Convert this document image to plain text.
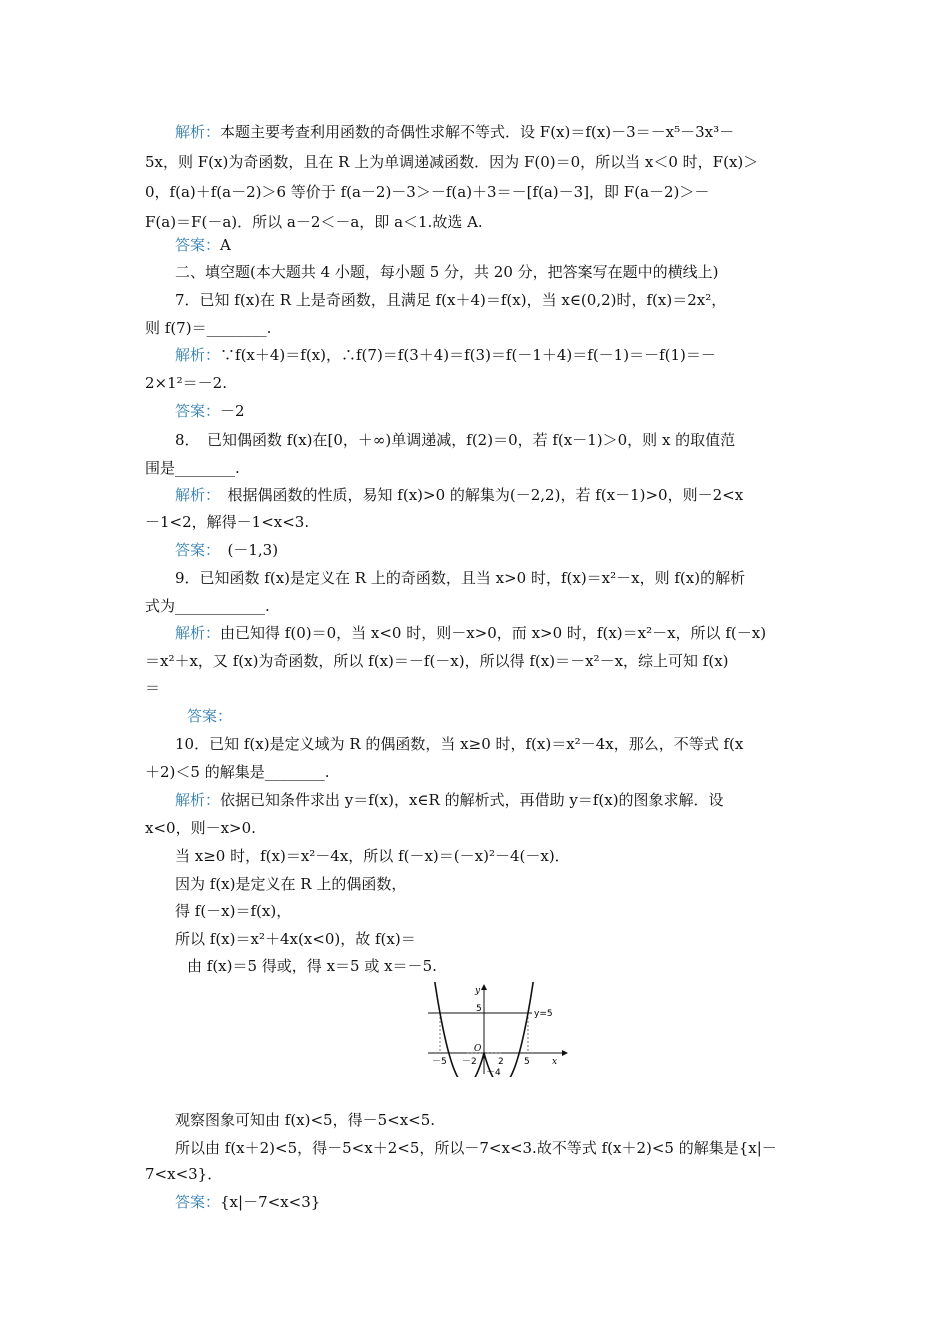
解析：本题主要考查利用函数的奇偶性求解不等式．设 F(x)＝f(x)－3＝－x⁵－3x³－
5x，则 F(x)为奇函数，且在 R 上为单调递减函数．因为 F(0)＝0，所以当 x＜0 时，F(x)＞
0，f(a)＋f(a－2)＞6 等价于 f(a－2)－3＞－f(a)＋3＝－[f(a)－3]，即 F(a－2)＞－
F(a)＝F(－a)．所以 a－2＜－a，即 a＜1.故选 A.
答案：A
二、填空题(本大题共 4 小题，每小题 5 分，共 20 分，把答案写在题中的横线上)
7．已知 f(x)在 R 上是奇函数，且满足 f(x＋4)＝f(x)，当 x∈(0,2)时，f(x)＝2x²，
则 f(7)＝________.
解析：∵f(x＋4)＝f(x)，∴f(7)＝f(3＋4)＝f(3)＝f(－1＋4)＝f(－1)＝－f(1)＝－
2×1²＝－2.
答案：－2
8．　已知偶函数 f(x)在[0，＋∞)单调递减，f(2)＝0，若 f(x－1)＞0，则 x 的取值范
围是________.
解析：　根据偶函数的性质，易知 f(x)>0 的解集为(－2,2)，若 f(x－1)>0，则－2<x
－1<2，解得－1<x<3.
答案：　(－1,3)
9．已知函数 f(x)是定义在 R 上的奇函数，且当 x>0 时，f(x)＝x²－x，则 f(x)的解析
式为____________.
解析：由已知得 f(0)＝0，当 x<0 时，则－x>0，而 x>0 时，f(x)＝x²－x，所以 f(－x)
＝x²＋x，又 f(x)为奇函数，所以 f(x)＝－f(－x)，所以得 f(x)＝－x²－x，综上可知 f(x)
＝
答案：
10．已知 f(x)是定义域为 R 的偶函数，当 x≥0 时，f(x)＝x²－4x，那么，不等式 f(x
＋2)＜5 的解集是________.
解析：依据已知条件求出 y＝f(x)，x∈R 的解析式，再借助 y＝f(x)的图象求解．设
x<0，则－x>0.
当 x≥0 时，f(x)＝x²－4x，所以 f(－x)＝(－x)²－4(－x)．
因为 f(x)是定义在 R 上的偶函数，
得 f(－x)＝f(x)，
所以 f(x)＝x²＋4x(x<0)，故 f(x)＝
由 f(x)＝5 得或，得 x＝5 或 x＝－5.
y
x
O
y=5
5
－5 －2 2 5
－4
观察图象可知由 f(x)<5，得－5<x<5.
所以由 f(x＋2)<5，得－5<x＋2<5，所以－7<x<3.故不等式 f(x＋2)<5 的解集是{x|－
7<x<3}．
答案：{x|－7<x<3}
